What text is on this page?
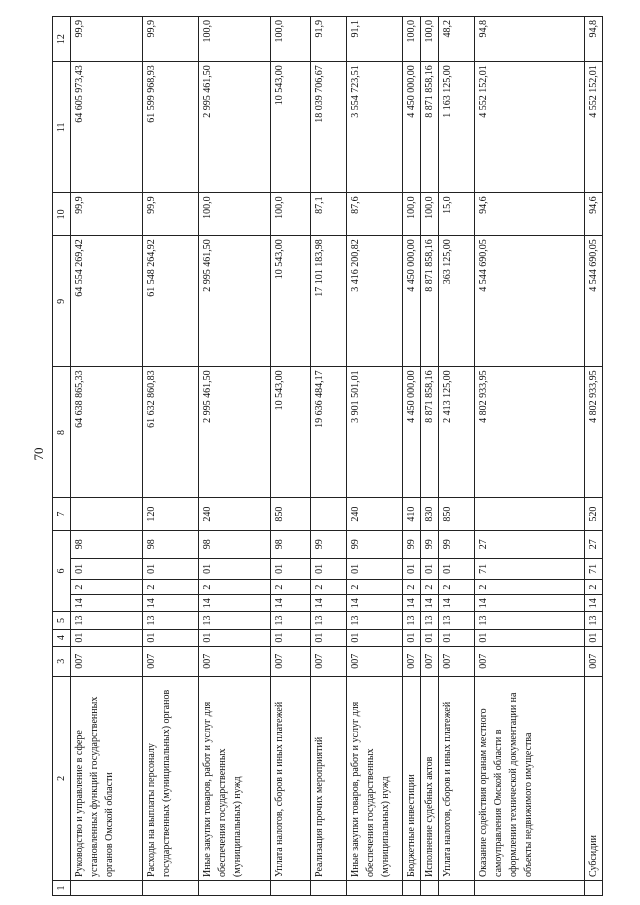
70
1	2	3	4	5	6				7	8	9	10	11	12
	Руководство и управление в сфере установленных функций государственных органов Омской области	007	01	13	14	2	01	98		64 638 865,33	64 554 269,42	99,9	64 605 973,43	99,9
	Расходы на выплаты персоналу государственных (муниципальных) органов	007	01	13	14	2	01	98	120	61 632 860,83	61 548 264,92	99,9	61 599 968,93	99,9
	Иные закупки товаров, работ и услуг для обеспечения государственных (муниципальных) нужд	007	01	13	14	2	01	98	240	2 995 461,50	2 995 461,50	100,0	2 995 461,50	100,0
	Уплата налогов, сборов и иных платежей	007	01	13	14	2	01	98	850	10 543,00	10 543,00	100,0	10 543,00	100,0
	Реализация прочих мероприятий	007	01	13	14	2	01	99		19 636 484,17	17 101 183,98	87,1	18 039 706,67	91,9
	Иные закупки товаров, работ и услуг для обеспечения государственных (муниципальных) нужд	007	01	13	14	2	01	99	240	3 901 501,01	3 416 200,82	87,6	3 554 723,51	91,1
	Бюджетные инвестиции	007	01	13	14	2	01	99	410	4 450 000,00	4 450 000,00	100,0	4 450 000,00	100,0
	Исполнение судебных актов	007	01	13	14	2	01	99	830	8 871 858,16	8 871 858,16	100,0	8 871 858,16	100,0
	Уплата налогов, сборов и иных платежей	007	01	13	14	2	01	99	850	2 413 125,00	363 125,00	15,0	1 163 125,00	48,2
	Оказание содействия органам местного самоуправления Омской области в оформлении технической документации на объекты недвижимого имущества	007	01	13	14	2	71	27		4 802 933,95	4 544 690,05	94,6	4 552 152,01	94,8
	Субсидии	007	01	13	14	2	71	27	520	4 802 933,95	4 544 690,05	94,6	4 552 152,01	94,8
